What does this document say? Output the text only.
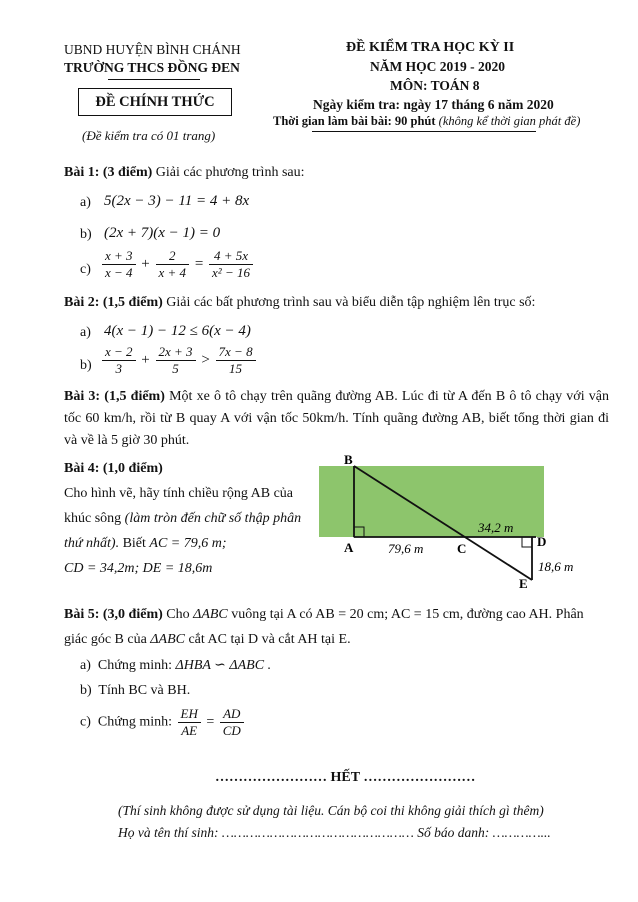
UBND HUYỆN BÌNH CHÁNH
TRƯỜNG THCS ĐỒNG ĐEN
ĐỀ CHÍNH THỨC
(Đề kiểm tra có 01 trang)
ĐỀ KIỂM TRA HỌC KỲ II
NĂM HỌC 2019 - 2020
MÔN: TOÁN 8
Ngày kiểm tra: ngày 17 tháng 6 năm 2020
Thời gian làm bài bài: 90 phút (không kể thời gian phát đề)
Bài 1: (3 điểm) Giải các phương trình sau:
a) 5(2x − 3) − 11 = 4 + 8x
b) (2x + 7)(x − 1) = 0
$c) \frac{x + 3}{x - 4} + \frac{2}{x + 4} = \frac{4 + 5x}{\text{x² − 16}}$
Bài 2: (1,5 điểm) Giải các bất phương trình sau và biểu diễn tập nghiệm lên trục số:
a) 4(x − 1) − 12 ≤ 6(x − 4)
$b) \frac{x - 2}{3} + \frac{2x + 3}{5} > \frac{7x - 8}{15}$
Bài 3: (1,5 điểm) Một xe ô tô chạy trên quãng đường AB. Lúc đi từ A đến B ô tô chạy với vận tốc 60 km/h, rồi từ B quay A với vận tốc 50km/h. Tính quãng đường AB, biết tổng thời gian đi và về là 5 giờ 30 phút.
Bài 4: (1,0 điểm)
Cho hình vẽ, hãy tính chiều rộng AB của
khúc sông (làm tròn đến chữ số thập phân
thứ nhất). Biết AC = 79,6 m;
CD = 34,2m; DE = 18,6m
B
A	C	D
E
79,6 m
34,2 m
18,6 m
Bài 5: (3,0 điểm) Cho ΔABC vuông tại A có AB = 20 cm; AC = 15 cm, đường cao AH. Phân
giác góc B của ΔABC cắt AC tại D và cắt AH tại E.
a) Chứng minh: ΔHBA ∽ ΔABC .
b) Tính BC và BH.
c) Chứng minh: $\frac{EH}{AE} = \frac{AD}{CD}$
…………………… HẾT ……………………
(Thí sinh không được sử dụng tài liệu. Cán bộ coi thi không giải thích gì thêm)
Họ và tên thí sinh: ………………………………………… Số báo danh: …………...
